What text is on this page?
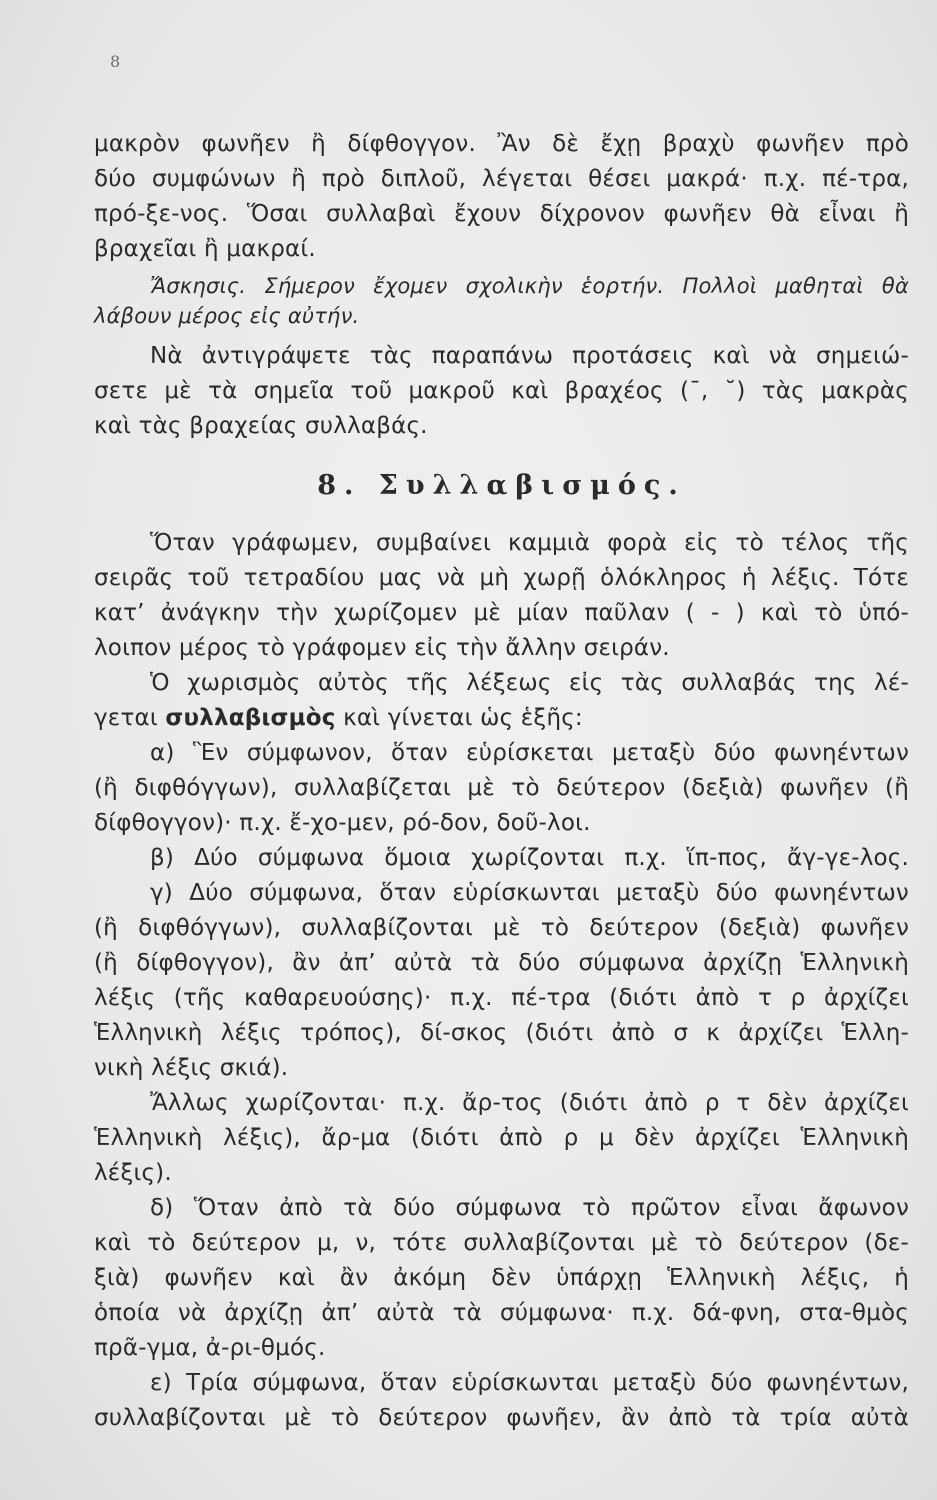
8
μακρὸν φωνῆεν ἢ δίφθογγον. Ἂν δὲ ἔχῃ βραχὺ φωνῆεν πρὸ
δύο συμφώνων ἢ πρὸ διπλοῦ, λέγεται θέσει μακρά· π.χ. πέ-τρα,
πρό-ξε-νος. Ὅσαι συλλαβαὶ ἔχουν δίχρονον φωνῆεν θὰ εἶναι ἢ
βραχεῖαι ἢ μακραί.
Ἄσκησις. Σήμερον ἔχομεν σχολικὴν ἑορτήν. Πολλοὶ μαθηταὶ θὰ
λάβουν μέρος εἰς αὐτήν.
Νὰ ἀντιγράψετε τὰς παραπάνω προτάσεις καὶ νὰ σημειώ-
σετε μὲ τὰ σημεῖα τοῦ μακροῦ καὶ βραχέος (¯, ˘) τὰς μακρὰς
καὶ τὰς βραχείας συλλαβάς.
8. Συλλαβισμός.
Ὅταν γράφωμεν, συμβαίνει καμμιὰ φορὰ εἰς τὸ τέλος τῆς
σειρᾶς τοῦ τετραδίου μας νὰ μὴ χωρῇ ὁλόκληρος ἡ λέξις. Τότε
κατ’ ἀνάγκην τὴν χωρίζομεν μὲ μίαν παῦλαν ( - ) καὶ τὸ ὑπό-
λοιπον μέρος τὸ γράφομεν εἰς τὴν ἄλλην σειράν.
Ὁ χωρισμὸς αὐτὸς τῆς λέξεως εἰς τὰς συλλαβάς της λέ-
γεται συλλαβισμὸς καὶ γίνεται ὡς ἑξῆς:
α) Ἓν σύμφωνον, ὅταν εὑρίσκεται μεταξὺ δύο φωνηέντων
(ἢ διφθόγγων), συλλαβίζεται μὲ τὸ δεύτερον (δεξιὰ) φωνῆεν (ἢ
δίφθογγον)· π.χ. ἔ-χο-μεν, ρό-δον, δοῦ-λοι.
β) Δύο σύμφωνα ὅμοια χωρίζονται π.χ. ἵπ-πος, ἄγ-γε-λος.
γ) Δύο σύμφωνα, ὅταν εὑρίσκωνται μεταξὺ δύο φωνηέντων
(ἢ διφθόγγων), συλλαβίζονται μὲ τὸ δεύτερον (δεξιὰ) φωνῆεν
(ἢ δίφθογγον), ἂν ἀπ’ αὐτὰ τὰ δύο σύμφωνα ἀρχίζῃ Ἑλληνικὴ
λέξις (τῆς καθαρευούσης)· π.χ. πέ-τρα (διότι ἀπὸ τ ρ ἀρχίζει
Ἑλληνικὴ λέξις τρόπος), δί-σκος (διότι ἀπὸ σ κ ἀρχίζει Ἑλλη-
νικὴ λέξις σκιά).
Ἄλλως χωρίζονται· π.χ. ἄρ-τος (διότι ἀπὸ ρ τ δὲν ἀρχίζει
Ἑλληνικὴ λέξις), ἄρ-μα (διότι ἀπὸ ρ μ δὲν ἀρχίζει Ἑλληνικὴ
λέξις).
δ) Ὅταν ἀπὸ τὰ δύο σύμφωνα τὸ πρῶτον εἶναι ἄφωνον
καὶ τὸ δεύτερον μ, ν, τότε συλλαβίζονται μὲ τὸ δεύτερον (δε-
ξιὰ) φωνῆεν καὶ ἂν ἀκόμη δὲν ὑπάρχῃ Ἑλληνικὴ λέξις, ἡ
ὁποία νὰ ἀρχίζῃ ἀπ’ αὐτὰ τὰ σύμφωνα· π.χ. δά-φνη, στα-θμὸς
πρᾶ-γμα, ἀ-ρι-θμός.
ε) Τρία σύμφωνα, ὅταν εὑρίσκωνται μεταξὺ δύο φωνηέντων,
συλλαβίζονται μὲ τὸ δεύτερον φωνῆεν, ἂν ἀπὸ τὰ τρία αὐτὰ
